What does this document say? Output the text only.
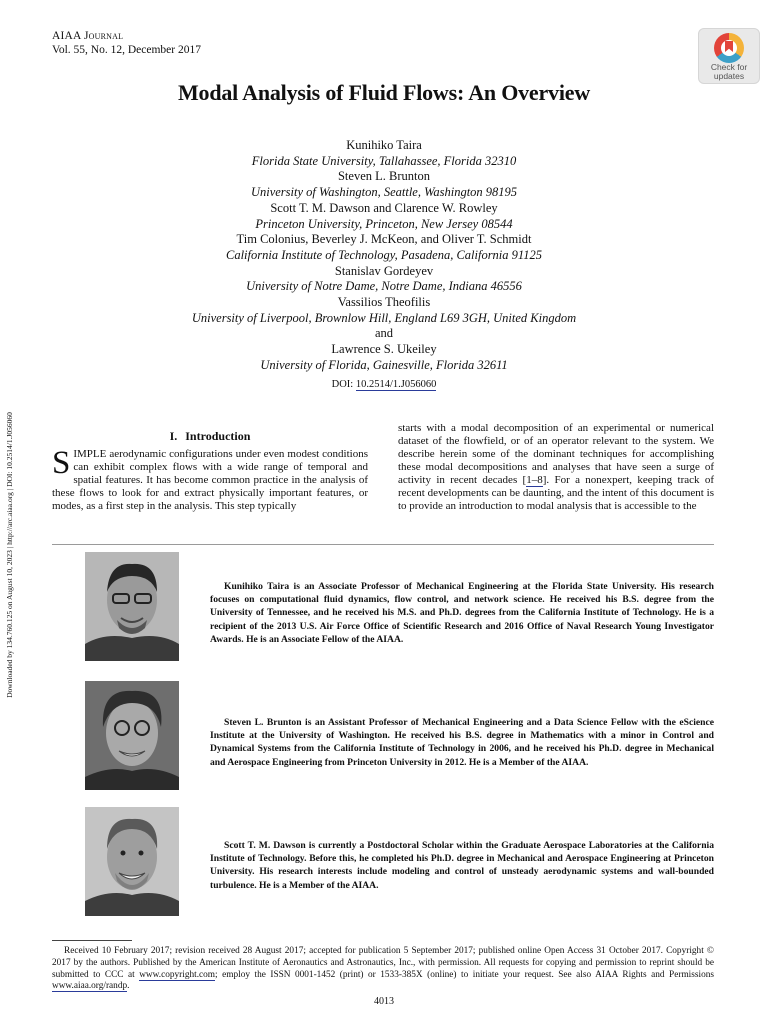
AIAA Journal
Vol. 55, No. 12, December 2017
Check for
updates
Modal Analysis of Fluid Flows: An Overview
Kunihiko Taira
Florida State University, Tallahassee, Florida 32310
Steven L. Brunton
University of Washington, Seattle, Washington 98195
Scott T. M. Dawson and Clarence W. Rowley
Princeton University, Princeton, New Jersey 08544
Tim Colonius, Beverley J. McKeon, and Oliver T. Schmidt
California Institute of Technology, Pasadena, California 91125
Stanislav Gordeyev
University of Notre Dame, Notre Dame, Indiana 46556
Vassilios Theofilis
University of Liverpool, Brownlow Hill, England L69 3GH, United Kingdom
and
Lawrence S. Ukeiley
University of Florida, Gainesville, Florida 32611
DOI: 10.2514/1.J056060
Downloaded by 134.760.125 on August 10, 2023 | http://arc.aiaa.org | DOI: 10.2514/1.J056060	I. Introduction
SIMPLE aerodynamic configurations under even modest conditions can exhibit complex flows with a wide range of temporal and spatial features. It has become common practice in the analysis of these flows to look for and extract physically important features, or modes, as a first step in the analysis. This step typically
starts with a modal decomposition of an experimental or numerical dataset of the flowfield, or of an operator relevant to the system. We describe herein some of the dominant techniques for accomplishing these modal decompositions and analyses that have seen a surge of activity in recent decades [1–8]. For a nonexpert, keeping track of recent developments can be daunting, and the intent of this document is to provide an introduction to modal analysis that is accessible to the
Kunihiko Taira is an Associate Professor of Mechanical Engineering at the Florida State University. His research focuses on computational fluid dynamics, flow control, and network science. He received his B.S. degree from the University of Tennessee, and he received his M.S. and Ph.D. degrees from the California Institute of Technology. He is a recipient of the 2013 U.S. Air Force Office of Scientific Research and 2016 Office of Naval Research Young Investigator Awards. He is an Associate Fellow of the AIAA.
Steven L. Brunton is an Assistant Professor of Mechanical Engineering and a Data Science Fellow with the eScience Institute at the University of Washington. He received his B.S. degree in Mathematics with a minor in Control and Dynamical Systems from the California Institute of Technology in 2006, and he received his Ph.D. degree in Mechanical and Aerospace Engineering from Princeton University in 2012. He is a Member of the AIAA.
Scott T. M. Dawson is currently a Postdoctoral Scholar within the Graduate Aerospace Laboratories at the California Institute of Technology. Before this, he completed his Ph.D. degree in Mechanical and Aerospace Engineering at Princeton University. His research interests include modeling and control of unsteady aerodynamic systems and wall-bounded turbulence. He is a Member of the AIAA.
Received 10 February 2017; revision received 28 August 2017; accepted for publication 5 September 2017; published online Open Access 31 October 2017. Copyright © 2017 by the authors. Published by the American Institute of Aeronautics and Astronautics, Inc., with permission. All requests for copying and permission to reprint should be submitted to CCC at www.copyright.com; employ the ISSN 0001-1452 (print) or 1533-385X (online) to initiate your request. See also AIAA Rights and Permissions www.aiaa.org/randp.
4013
